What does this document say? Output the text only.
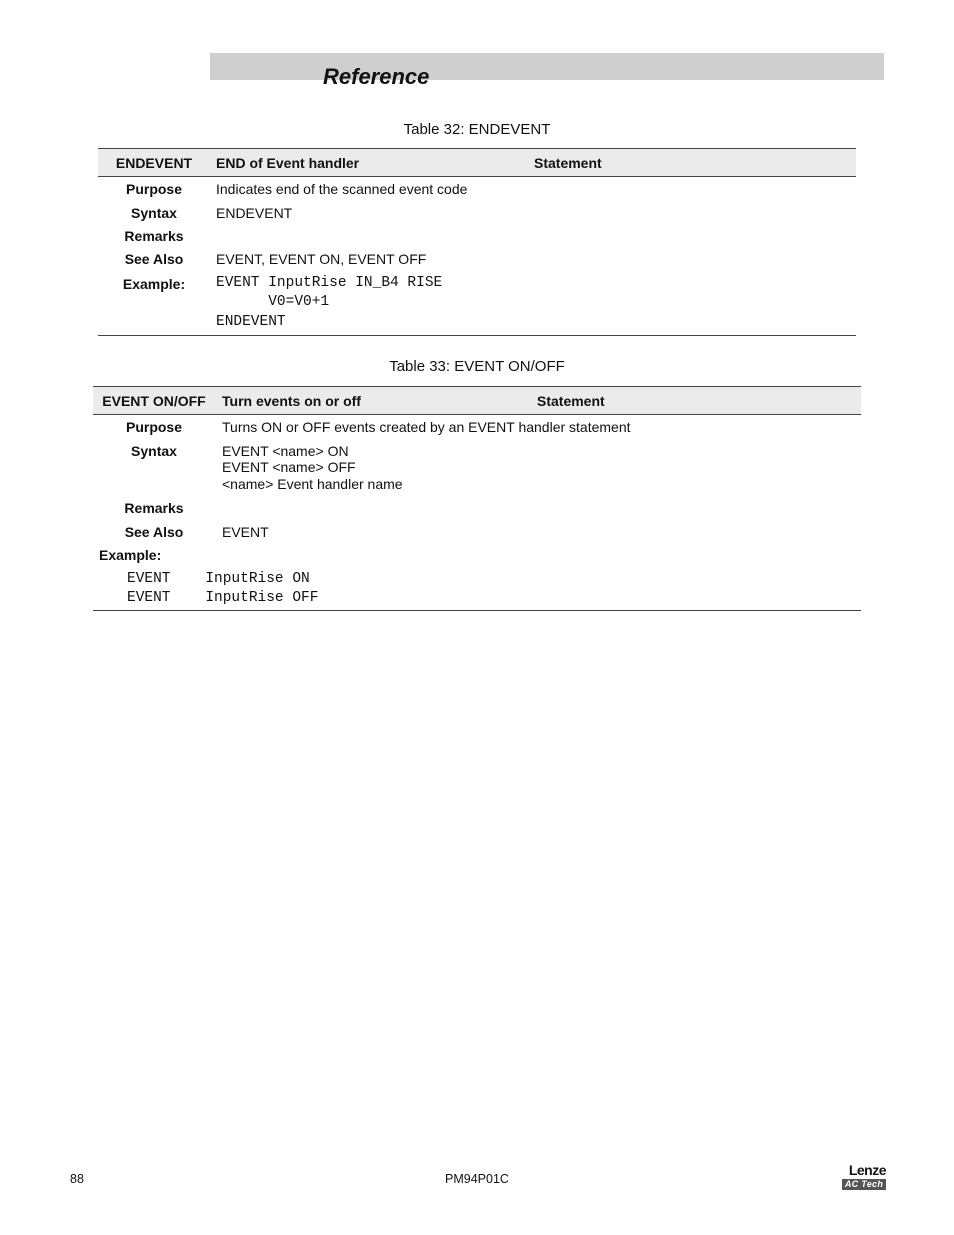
Reference
Table 32: ENDEVENT
ENDEVENT	END of Event handler	Statement
Purpose	Indicates end of the scanned event code	
Syntax	ENDEVENT	
Remarks		
See Also	EVENT, EVENT ON, EVENT OFF	
Example:	EVENT InputRise IN_B4 RISE
V0=V0+1
ENDEVENT	
Table 33: EVENT ON/OFF
EVENT ON/OFF	Turn events on or off	Statement
Purpose	Turns ON or OFF events created by an EVENT handler statement	
Syntax	EVENT <name> ON
EVENT <name> OFF
<name> Event handler name	

Remarks		
See Also	EVENT	
Example:		

EVENT    InputRise ON
EVENT    InputRise OFF		
88	PM94P01C
Lenze
AC Tech
